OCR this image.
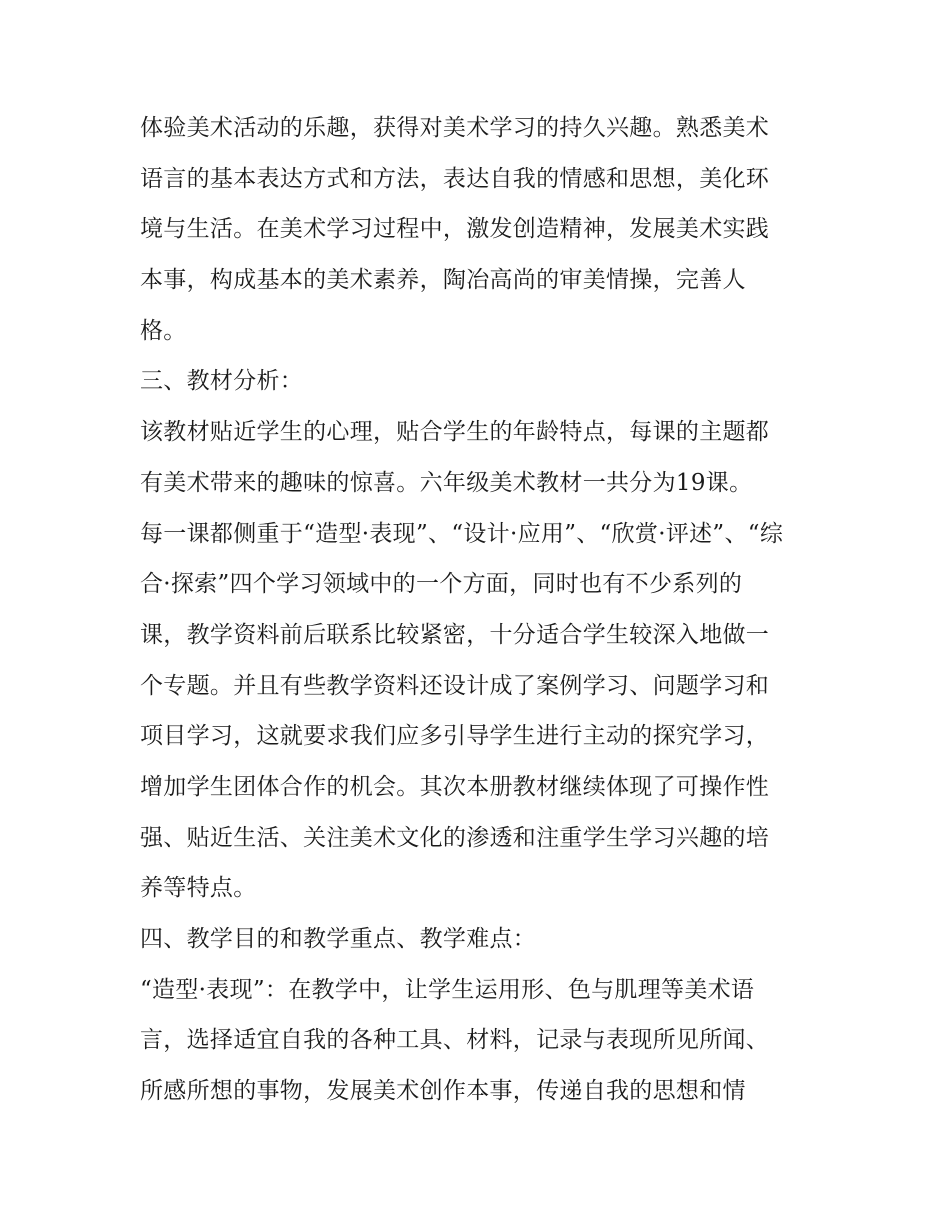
体验美术活动的乐趣，获得对美术学习的持久兴趣。熟悉美术
语言的基本表达方式和方法，表达自我的情感和思想，美化环
境与生活。在美术学习过程中，激发创造精神，发展美术实践
本事，构成基本的美术素养，陶冶高尚的审美情操，完善人
格。
三、教材分析：
该教材贴近学生的心理，贴合学生的年龄特点，每课的主题都
有美术带来的趣味的惊喜。六年级美术教材一共分为19课。
每一课都侧重于“造型·表现”、“设计·应用”、“欣赏·评述”、“综
合·探索”四个学习领域中的一个方面，同时也有不少系列的
课，教学资料前后联系比较紧密，十分适合学生较深入地做一
个专题。并且有些教学资料还设计成了案例学习、问题学习和
项目学习，这就要求我们应多引导学生进行主动的探究学习，
增加学生团体合作的机会。其次本册教材继续体现了可操作性
强、贴近生活、关注美术文化的渗透和注重学生学习兴趣的培
养等特点。
四、教学目的和教学重点、教学难点：
“造型·表现”：在教学中，让学生运用形、色与肌理等美术语
言，选择适宜自我的各种工具、材料，记录与表现所见所闻、
所感所想的事物，发展美术创作本事，传递自我的思想和情
